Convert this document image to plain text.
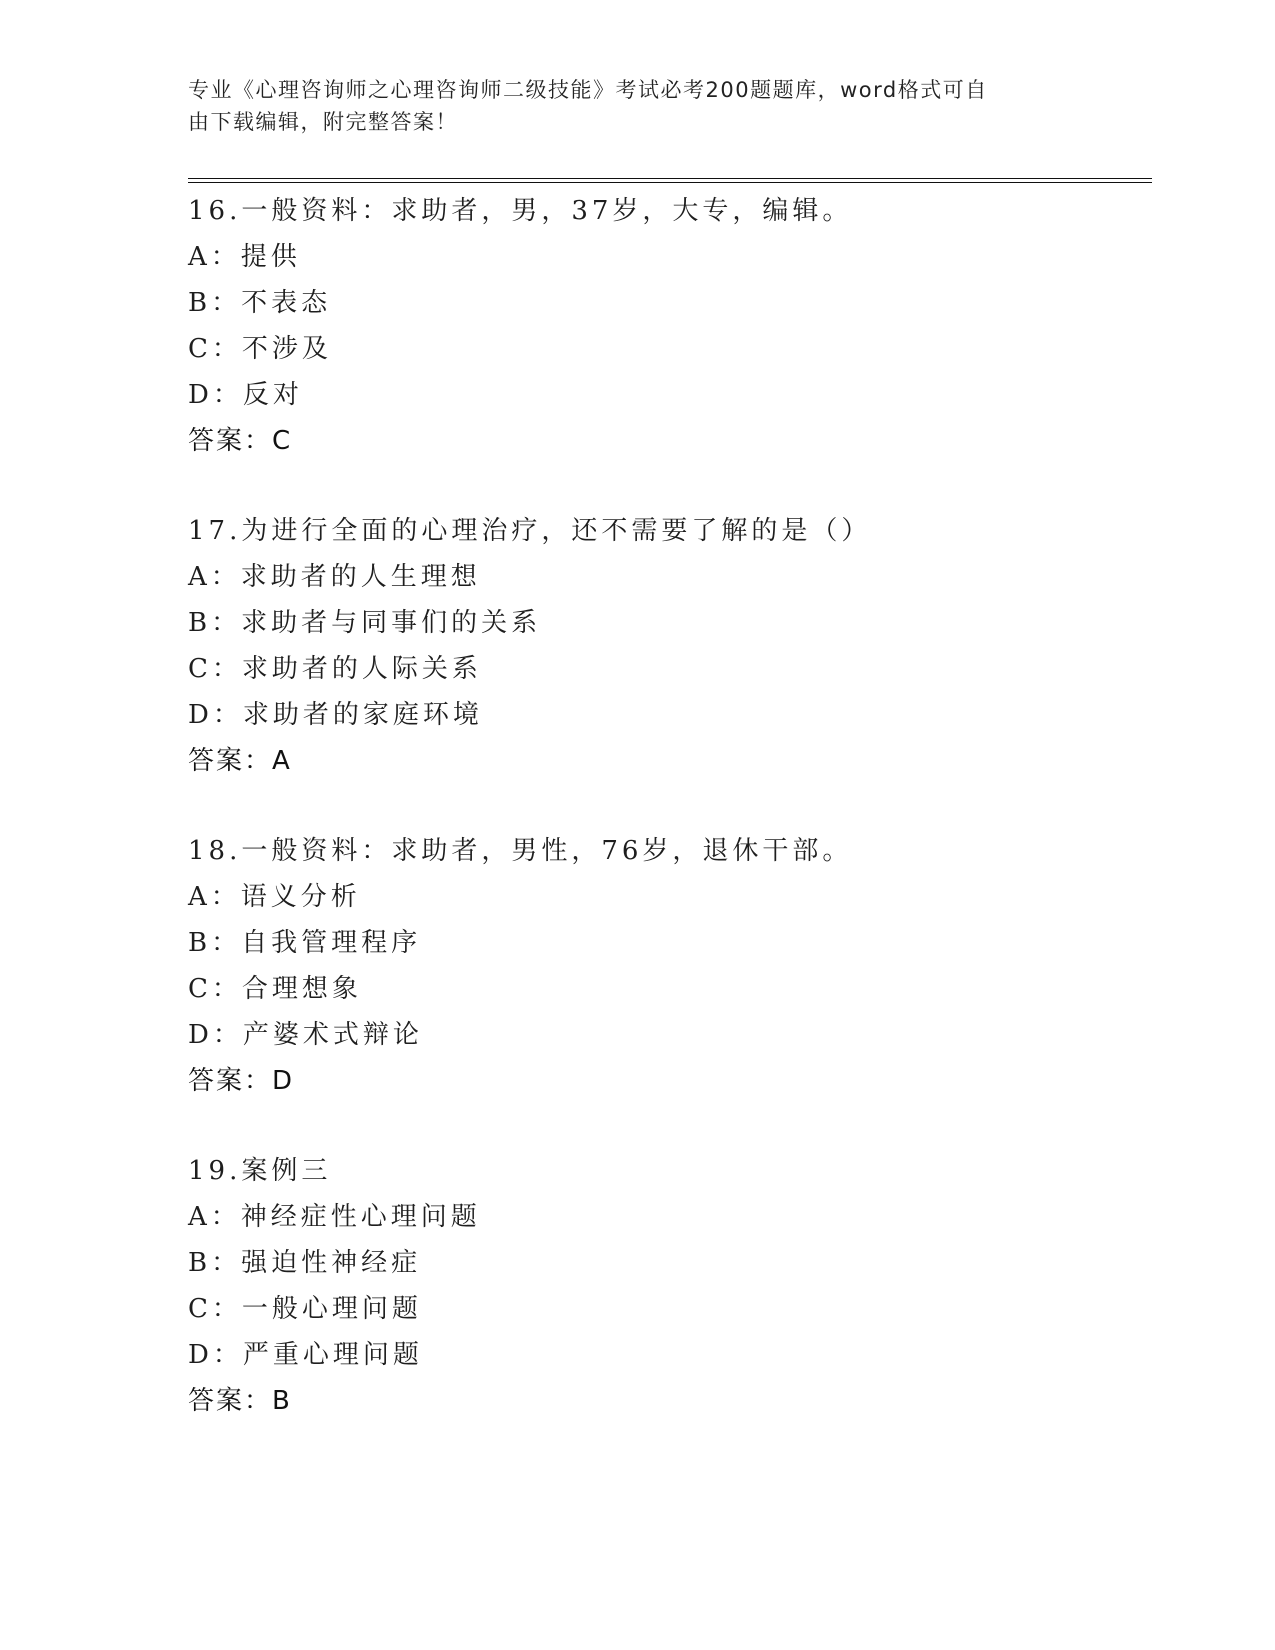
专业《心理咨询师之心理咨询师二级技能》考试必考200题题库，word格式可自
由下载编辑，附完整答案！
16.一般资料：求助者，男，37岁，大专，编辑。
A：提供
B：不表态
C：不涉及
D：反对
答案：C
17.为进行全面的心理治疗，还不需要了解的是（）
A：求助者的人生理想
B：求助者与同事们的关系
C：求助者的人际关系
D：求助者的家庭环境
答案：A
18.一般资料：求助者，男性，76岁，退休干部。
A：语义分析
B：自我管理程序
C：合理想象
D：产婆术式辩论
答案：D
19.案例三
A：神经症性心理问题
B：强迫性神经症
C：一般心理问题
D：严重心理问题
答案：B
